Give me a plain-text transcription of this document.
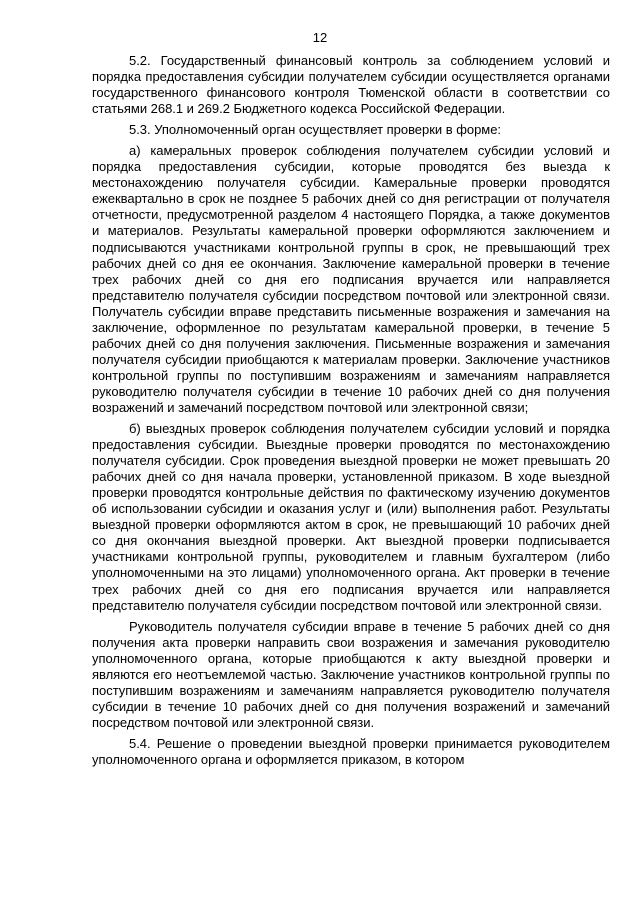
12

5.2. Государственный финансовый контроль за соблюдением условий и порядка предоставления субсидии получателем субсидии осуществляется органами государственного финансового контроля Тюменской области в соответствии со статьями 268.1 и 269.2 Бюджетного кодекса Российской Федерации.

5.3. Уполномоченный орган осуществляет проверки в форме:

а) камеральных проверок соблюдения получателем субсидии условий и порядка предоставления субсидии, которые проводятся без выезда к местонахождению получателя субсидии. Камеральные проверки проводятся ежеквартально в срок не позднее 5 рабочих дней со дня регистрации от получателя отчетности, предусмотренной разделом 4 настоящего Порядка, а также документов и материалов. Результаты камеральной проверки оформляются заключением и подписываются участниками контрольной группы в срок, не превышающий трех рабочих дней со дня ее окончания. Заключение камеральной проверки в течение трех рабочих дней со дня его подписания вручается или направляется представителю получателя субсидии посредством почтовой или электронной связи. Получатель субсидии вправе представить письменные возражения и замечания на заключение, оформленное по результатам камеральной проверки, в течение 5 рабочих дней со дня получения заключения. Письменные возражения и замечания получателя субсидии приобщаются к материалам проверки. Заключение участников контрольной группы по поступившим возражениям и замечаниям направляется руководителю получателя субсидии в течение 10 рабочих дней со дня получения возражений и замечаний посредством почтовой или электронной связи;

б) выездных проверок соблюдения получателем субсидии условий и порядка предоставления субсидии. Выездные проверки проводятся по местонахождению получателя субсидии. Срок проведения выездной проверки не может превышать 20 рабочих дней со дня начала проверки, установленной приказом. В ходе выездной проверки проводятся контрольные действия по фактическому изучению документов об использовании субсидии и оказания услуг и (или) выполнения работ. Результаты выездной проверки оформляются актом в срок, не превышающий 10 рабочих дней со дня окончания выездной проверки. Акт выездной проверки подписывается участниками контрольной группы, руководителем и главным бухгалтером (либо уполномоченными на это лицами) уполномоченного органа. Акт проверки в течение трех рабочих дней со дня его подписания вручается или направляется представителю получателя субсидии посредством почтовой или электронной связи.

Руководитель получателя субсидии вправе в течение 5 рабочих дней со дня получения акта проверки направить свои возражения и замечания руководителю уполномоченного органа, которые приобщаются к акту выездной проверки и являются его неотъемлемой частью. Заключение участников контрольной группы по поступившим возражениям и замечаниям направляется руководителю получателя субсидии в течение 10 рабочих дней со дня получения возражений и замечаний посредством почтовой или электронной связи.

5.4. Решение о проведении выездной проверки принимается руководителем уполномоченного органа и оформляется приказом, в котором
